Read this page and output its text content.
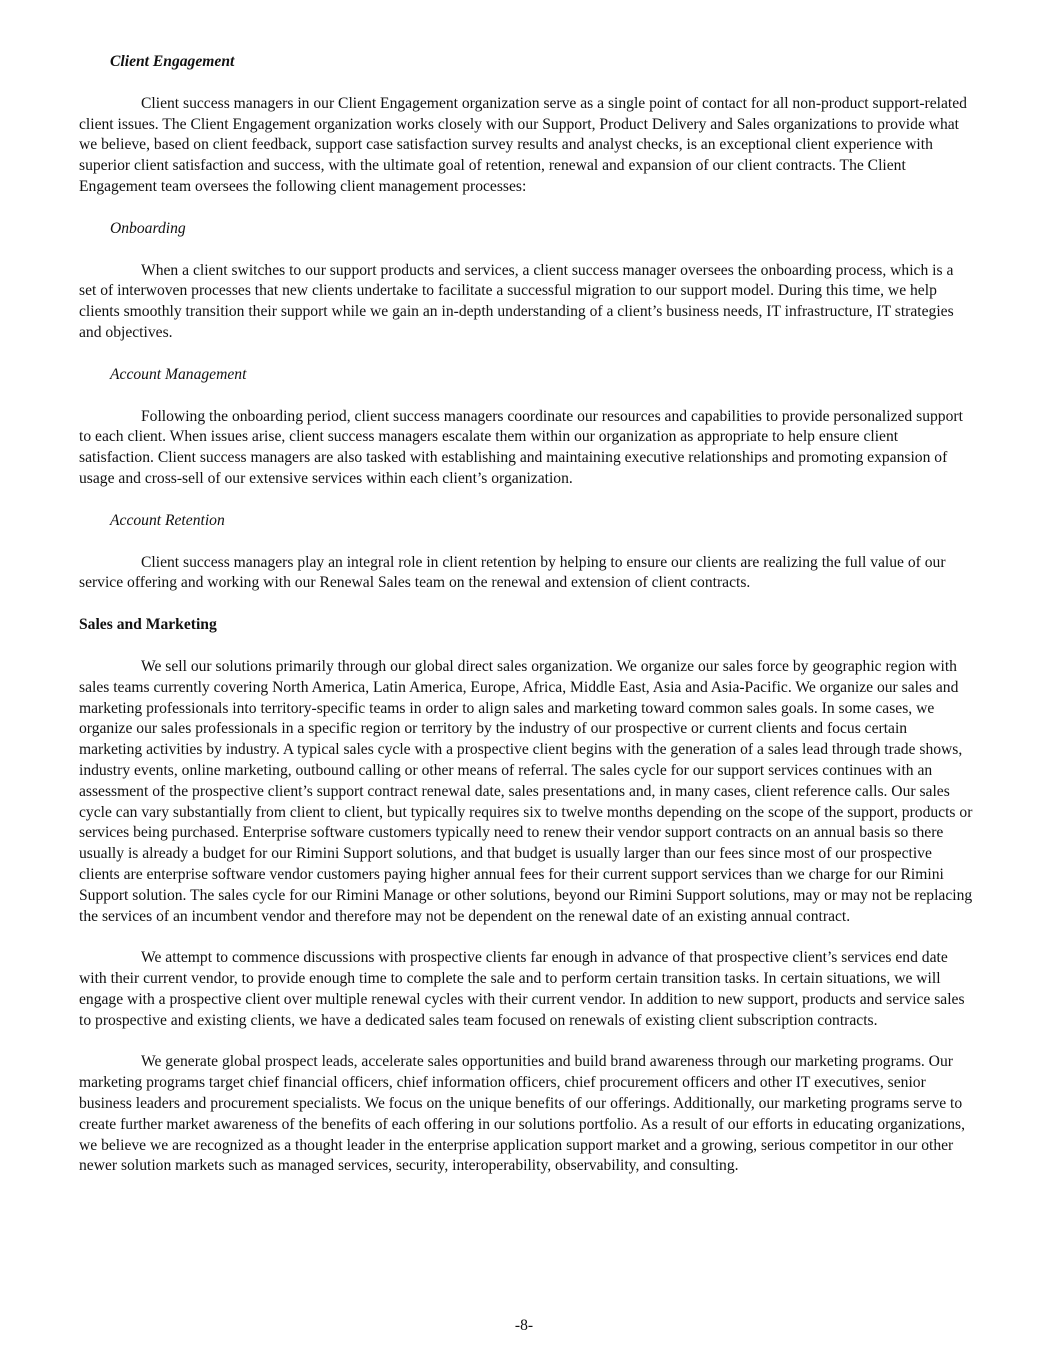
Client Engagement

Client success managers in our Client Engagement organization serve as a single point of contact for all non-product support-related client issues. The Client Engagement organization works closely with our Support, Product Delivery and Sales organizations to provide what we believe, based on client feedback, support case satisfaction survey results and analyst checks, is an exceptional client experience with superior client satisfaction and success, with the ultimate goal of retention, renewal and expansion of our client contracts. The Client Engagement team oversees the following client management processes:

Onboarding

When a client switches to our support products and services, a client success manager oversees the onboarding process, which is a set of interwoven processes that new clients undertake to facilitate a successful migration to our support model. During this time, we help clients smoothly transition their support while we gain an in-depth understanding of a client’s business needs, IT infrastructure, IT strategies and objectives.

Account Management

Following the onboarding period, client success managers coordinate our resources and capabilities to provide personalized support to each client. When issues arise, client success managers escalate them within our organization as appropriate to help ensure client satisfaction. Client success managers are also tasked with establishing and maintaining executive relationships and promoting expansion of usage and cross-sell of our extensive services within each client’s organization.

Account Retention

Client success managers play an integral role in client retention by helping to ensure our clients are realizing the full value of our service offering and working with our Renewal Sales team on the renewal and extension of client contracts.

Sales and Marketing

We sell our solutions primarily through our global direct sales organization. We organize our sales force by geographic region with sales teams currently covering North America, Latin America, Europe, Africa, Middle East, Asia and Asia-Pacific. We organize our sales and marketing professionals into territory-specific teams in order to align sales and marketing toward common sales goals. In some cases, we organize our sales professionals in a specific region or territory by the industry of our prospective or current clients and focus certain marketing activities by industry. A typical sales cycle with a prospective client begins with the generation of a sales lead through trade shows, industry events, online marketing, outbound calling or other means of referral. The sales cycle for our support services continues with an assessment of the prospective client’s support contract renewal date, sales presentations and, in many cases, client reference calls. Our sales cycle can vary substantially from client to client, but typically requires six to twelve months depending on the scope of the support, products or services being purchased. Enterprise software customers typically need to renew their vendor support contracts on an annual basis so there usually is already a budget for our Rimini Support solutions, and that budget is usually larger than our fees since most of our prospective clients are enterprise software vendor customers paying higher annual fees for their current support services than we charge for our Rimini Support solution. The sales cycle for our Rimini Manage or other solutions, beyond our Rimini Support solutions, may or may not be replacing the services of an incumbent vendor and therefore may not be dependent on the renewal date of an existing annual contract.

We attempt to commence discussions with prospective clients far enough in advance of that prospective client’s services end date with their current vendor, to provide enough time to complete the sale and to perform certain transition tasks. In certain situations, we will engage with a prospective client over multiple renewal cycles with their current vendor. In addition to new support, products and service sales to prospective and existing clients, we have a dedicated sales team focused on renewals of existing client subscription contracts.

We generate global prospect leads, accelerate sales opportunities and build brand awareness through our marketing programs. Our marketing programs target chief financial officers, chief information officers, chief procurement officers and other IT executives, senior business leaders and procurement specialists. We focus on the unique benefits of our offerings. Additionally, our marketing programs serve to create further market awareness of the benefits of each offering in our solutions portfolio. As a result of our efforts in educating organizations, we believe we are recognized as a thought leader in the enterprise application support market and a growing, serious competitor in our other newer solution markets such as managed services, security, interoperability, observability, and consulting.

-8-
